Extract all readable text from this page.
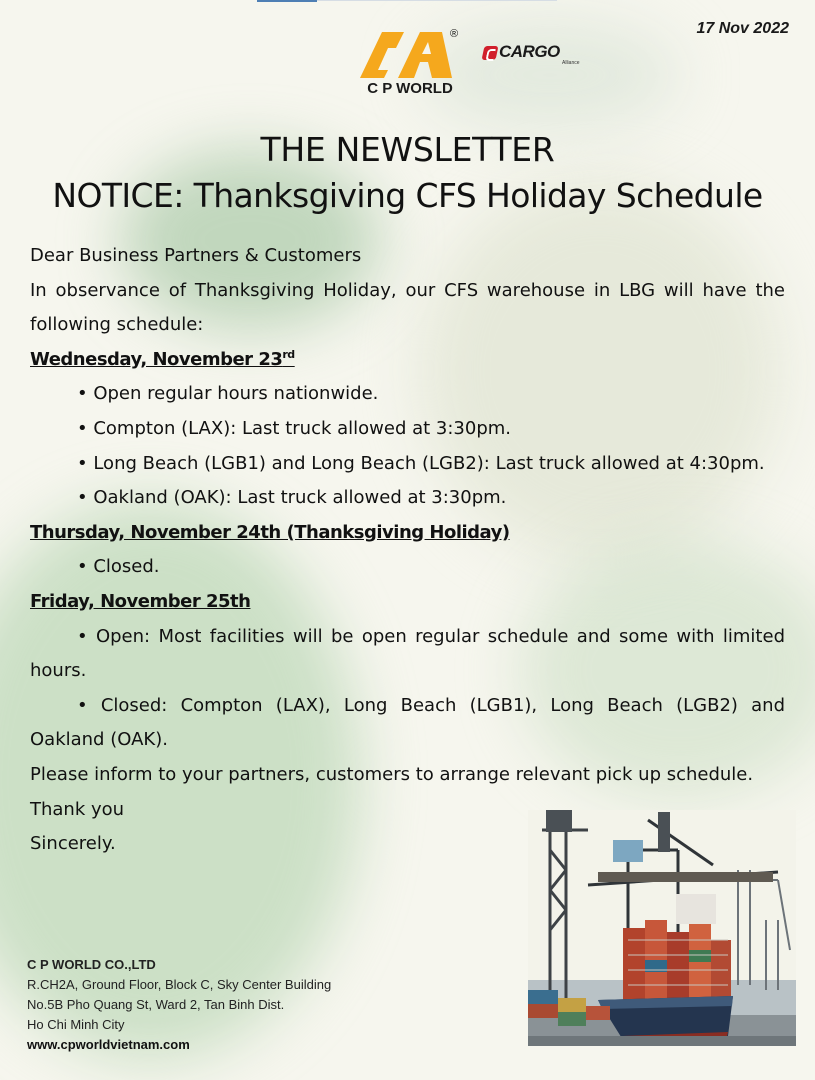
17 Nov 2022
®
C P WORLD
CARGO
Alliance
THE NEWSLETTER
NOTICE: Thanksgiving CFS Holiday Schedule

Dear Business Partners & Customers

In observance of Thanksgiving Holiday, our CFS warehouse in LBG will have the following schedule:

Wednesday, November 23rd

• Open regular hours nationwide.

• Compton (LAX): Last truck allowed at 3:30pm.

• Long Beach (LGB1) and Long Beach (LGB2): Last truck allowed at 4:30pm.

• Oakland (OAK): Last truck allowed at 3:30pm.

Thursday, November 24th (Thanksgiving Holiday)

• Closed.

Friday, November 25th

• Open: Most facilities will be open regular schedule and some with limited hours.

• Closed: Compton (LAX), Long Beach (LGB1), Long Beach (LGB2) and Oakland (OAK).

Please inform to your partners, customers to arrange relevant pick up schedule.

Thank you

Sincerely.

C P WORLD CO.,LTD
R.CH2A, Ground Floor, Block C, Sky Center Building
No.5B Pho Quang St, Ward 2, Tan Binh Dist.
Ho Chi Minh City
www.cpworldvietnam.com
